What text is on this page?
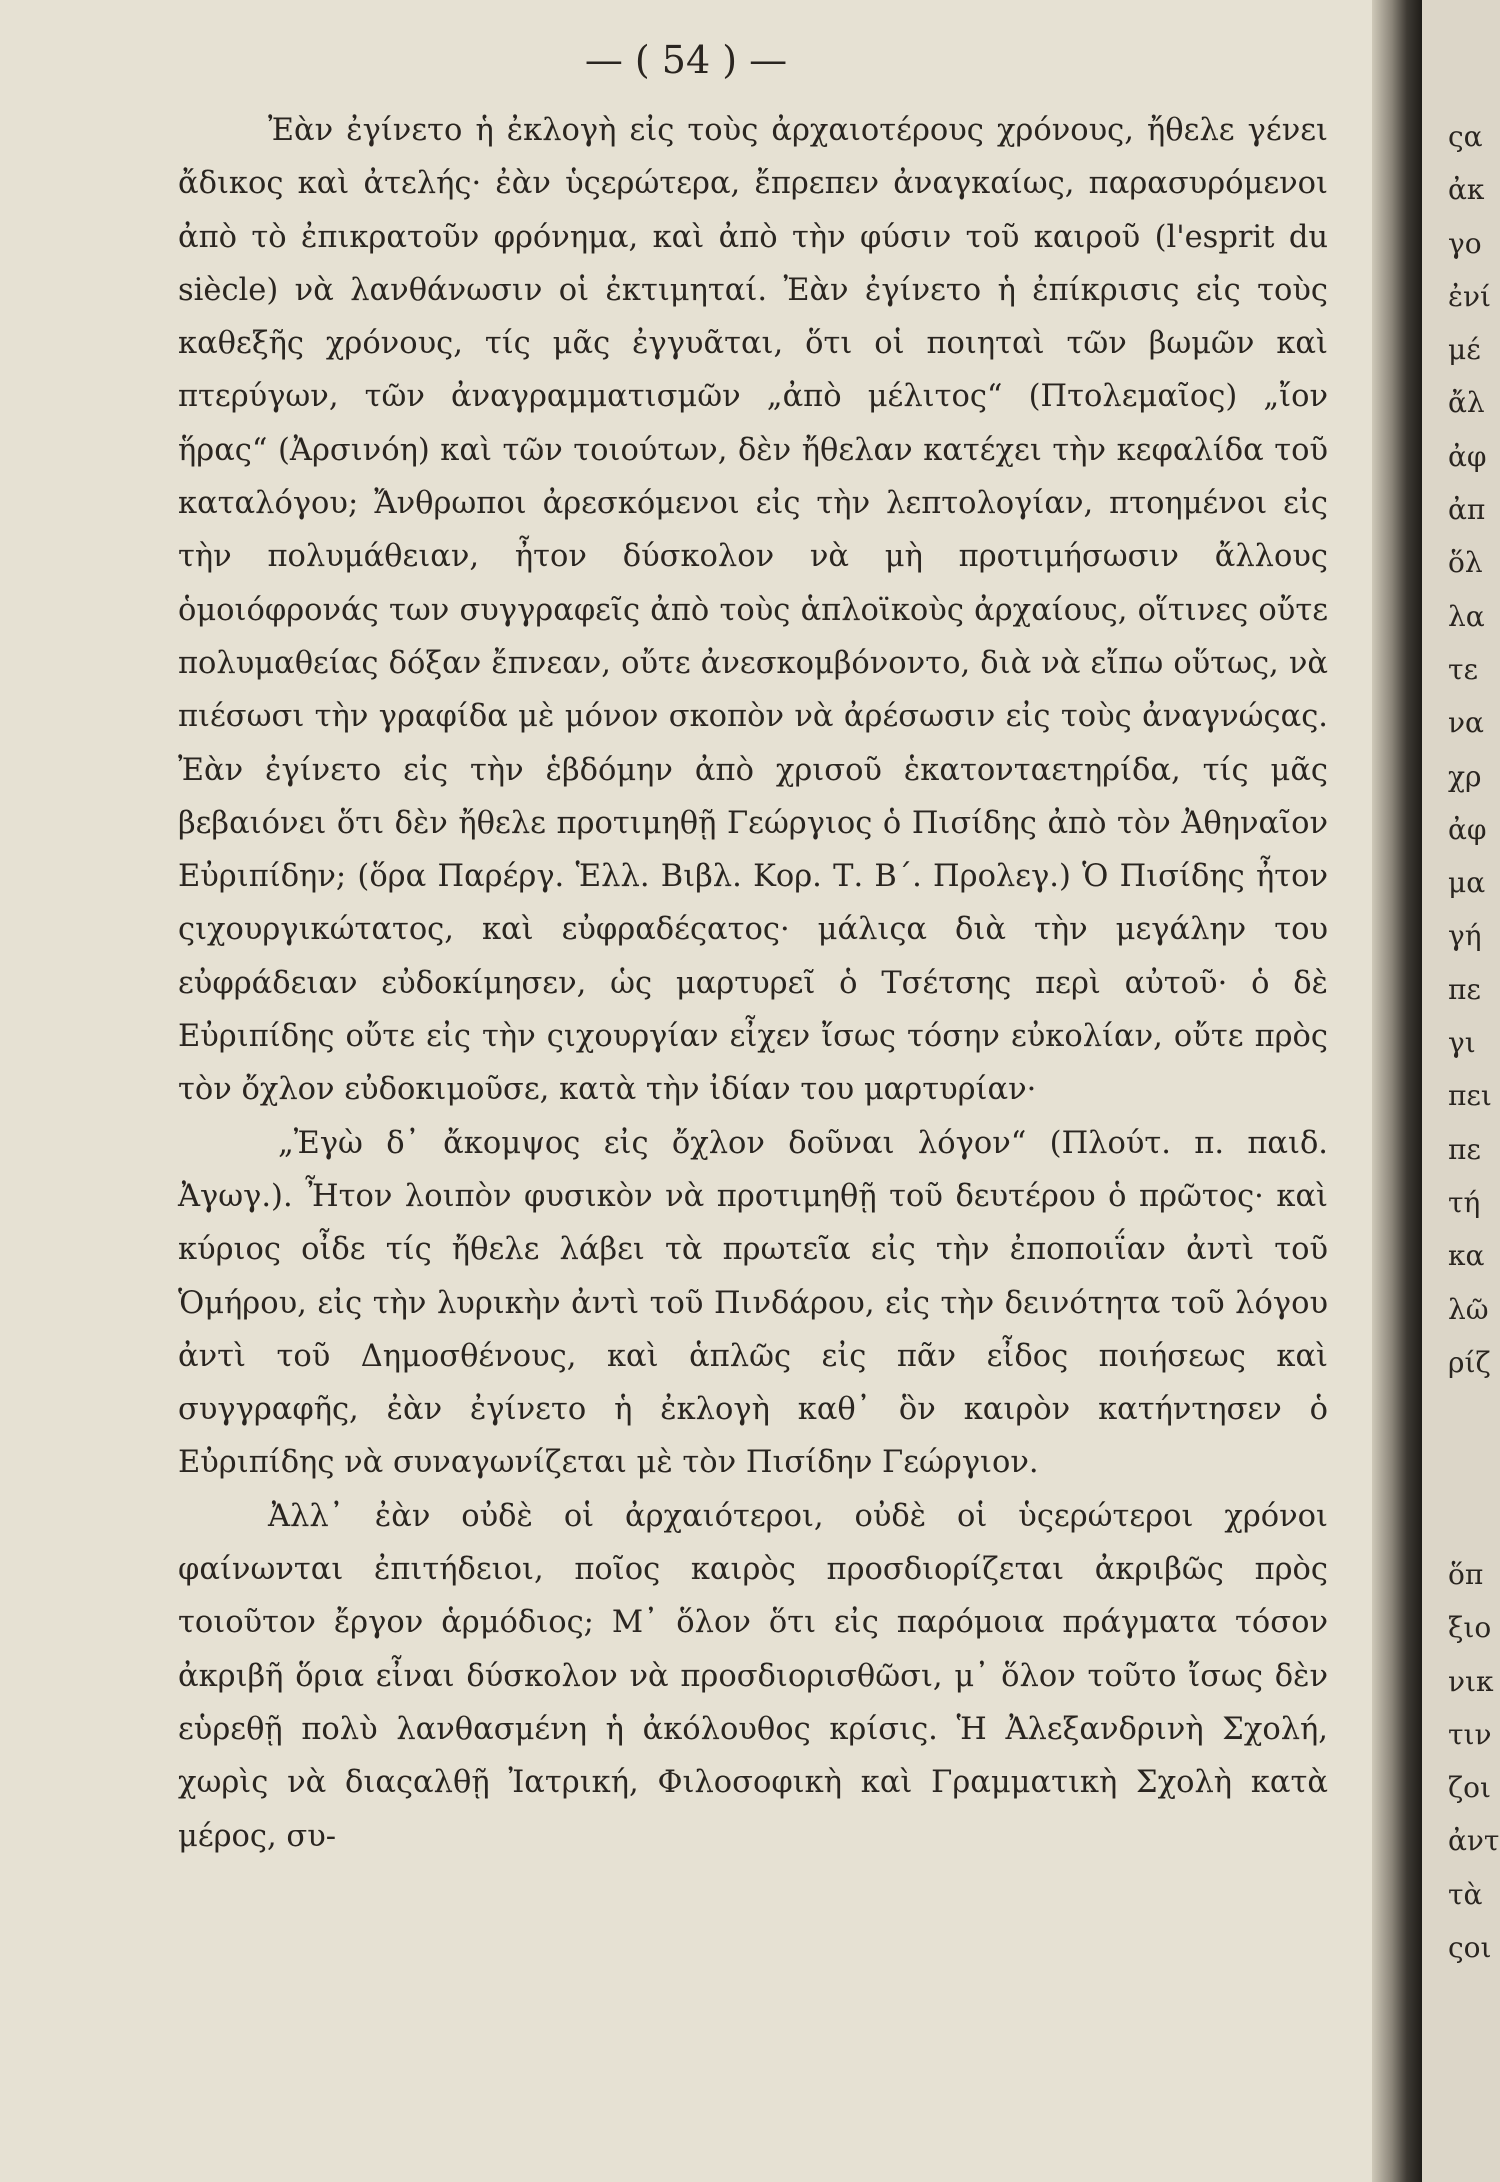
— ( 54 ) —

Ἐὰν ἐγίνετο ἡ ἐκλογὴ εἰς τοὺς ἀρχαιοτέρους χρόνους, ἤθελε γένει ἄδικος καὶ ἀτελής· ἐὰν ὑςερώτερα, ἔπρεπεν ἀναγκαίως, παρασυρόμενοι ἀπὸ τὸ ἐπικρατοῦν φρόνημα, καὶ ἀπὸ τὴν φύσιν τοῦ καιροῦ (l'esprit du siècle) νὰ λανθάνωσιν οἱ ἐκτιμηταί. Ἐὰν ἐγίνετο ἡ ἐπίκρισις εἰς τοὺς καθεξῆς χρόνους, τίς μᾶς ἐγγυᾶται, ὅτι οἱ ποιηταὶ τῶν βωμῶν καὶ πτερύγων, τῶν ἀναγραμματισμῶν „ἀπὸ μέλιτος“ (Πτολεμαῖος) „ἴον ἥρας“ (Ἀρσινόη) καὶ τῶν τοιούτων, δὲν ἤθελαν κατέχει τὴν κεφαλίδα τοῦ καταλόγου; Ἄνθρωποι ἀρεσκόμενοι εἰς τὴν λεπτολογίαν, πτοημένοι εἰς τὴν πολυμάθειαν, ἦτον δύσκολον νὰ μὴ προτιμήσωσιν ἄλλους ὁμοιόφρονάς των συγγραφεῖς ἀπὸ τοὺς ἁπλοϊκοὺς ἀρχαίους, οἵτινες οὔτε πολυμαθείας δόξαν ἔπνεαν, οὔτε ἀνεσκομβόνοντο, διὰ νὰ εἴπω οὕτως, νὰ πιέσωσι τὴν γραφίδα μὲ μόνον σκοπὸν νὰ ἀρέσωσιν εἰς τοὺς ἀναγνώςας. Ἐὰν ἐγίνετο εἰς τὴν ἑβδόμην ἀπὸ χρισοῦ ἑκατονταετηρίδα, τίς μᾶς βεβαιόνει ὅτι δὲν ἤθελε προτιμηθῇ Γεώργιος ὁ Πισίδης ἀπὸ τὸν Ἀθηναῖον Εὐριπίδην; (ὅρα Παρέργ. Ἑλλ. Βιβλ. Κορ. Τ. Β΄. Προλεγ.) Ὁ Πισίδης ἦτον ςιχουργικώτατος, καὶ εὐφραδέςατος· μάλιςα διὰ τὴν μεγάλην του εὐφράδειαν εὐδοκίμησεν, ὡς μαρτυρεῖ ὁ Τσέτσης περὶ αὐτοῦ· ὁ δὲ Εὐριπίδης οὔτε εἰς τὴν ςιχουργίαν εἶχεν ἴσως τόσην εὐκολίαν, οὔτε πρὸς τὸν ὄχλον εὐδοκιμοῦσε, κατὰ τὴν ἰδίαν του μαρτυρίαν·

„Ἐγὼ δ᾽ ἄκομψος εἰς ὄχλον δοῦναι λόγον“ (Πλούτ. π. παιδ. Ἀγωγ.). Ἦτον λοιπὸν φυσικὸν νὰ προτιμηθῇ τοῦ δευτέρου ὁ πρῶτος· καὶ κύριος οἶδε τίς ἤθελε λάβει τὰ πρωτεῖα εἰς τὴν ἐποποιΐαν ἀντὶ τοῦ Ὁμήρου, εἰς τὴν λυρικὴν ἀντὶ τοῦ Πινδάρου, εἰς τὴν δεινότητα τοῦ λόγου ἀντὶ τοῦ Δημοσθένους, καὶ ἁπλῶς εἰς πᾶν εἶδος ποιήσεως καὶ συγγραφῆς, ἐὰν ἐγίνετο ἡ ἐκλογὴ καθ᾽ ὃν καιρὸν κατήντησεν ὁ Εὐριπίδης νὰ συναγωνίζεται μὲ τὸν Πισίδην Γεώργιον.

Ἀλλ᾽ ἐὰν οὐδὲ οἱ ἀρχαιότεροι, οὐδὲ οἱ ὑςερώτεροι χρόνοι φαίνωνται ἐπιτήδειοι, ποῖος καιρὸς προσδιορίζεται ἀκριβῶς πρὸς τοιοῦτον ἔργον ἁρμόδιος; Μ᾽ ὅλον ὅτι εἰς παρόμοια πράγματα τόσον ἀκριβῆ ὅρια εἶναι δύσκολον νὰ προσδιορισθῶσι, μ᾽ ὅλον τοῦτο ἴσως δὲν εὑρεθῇ πολὺ λανθασμένη ἡ ἀκόλουθος κρίσις. Ἡ Ἀλεξανδρινὴ Σχολή, χωρὶς νὰ διαςαλθῇ Ἰατρική, Φιλοσοφικὴ καὶ Γραμματικὴ Σχολὴ κατὰ μέρος, συ-

ςα
ἀκ
γο
ἐνί
μέ
ἄλ
ἀφ
ἀπ
ὅλ
λα
τε
να
χρ
ἀφ
μα
γή
πε
γι
πει
πε
τή
κα
λῶ
ρίζ
ὅπ
ξιο
νικ
τιν
ζοι
ἀντ
τὰ
ςοι
